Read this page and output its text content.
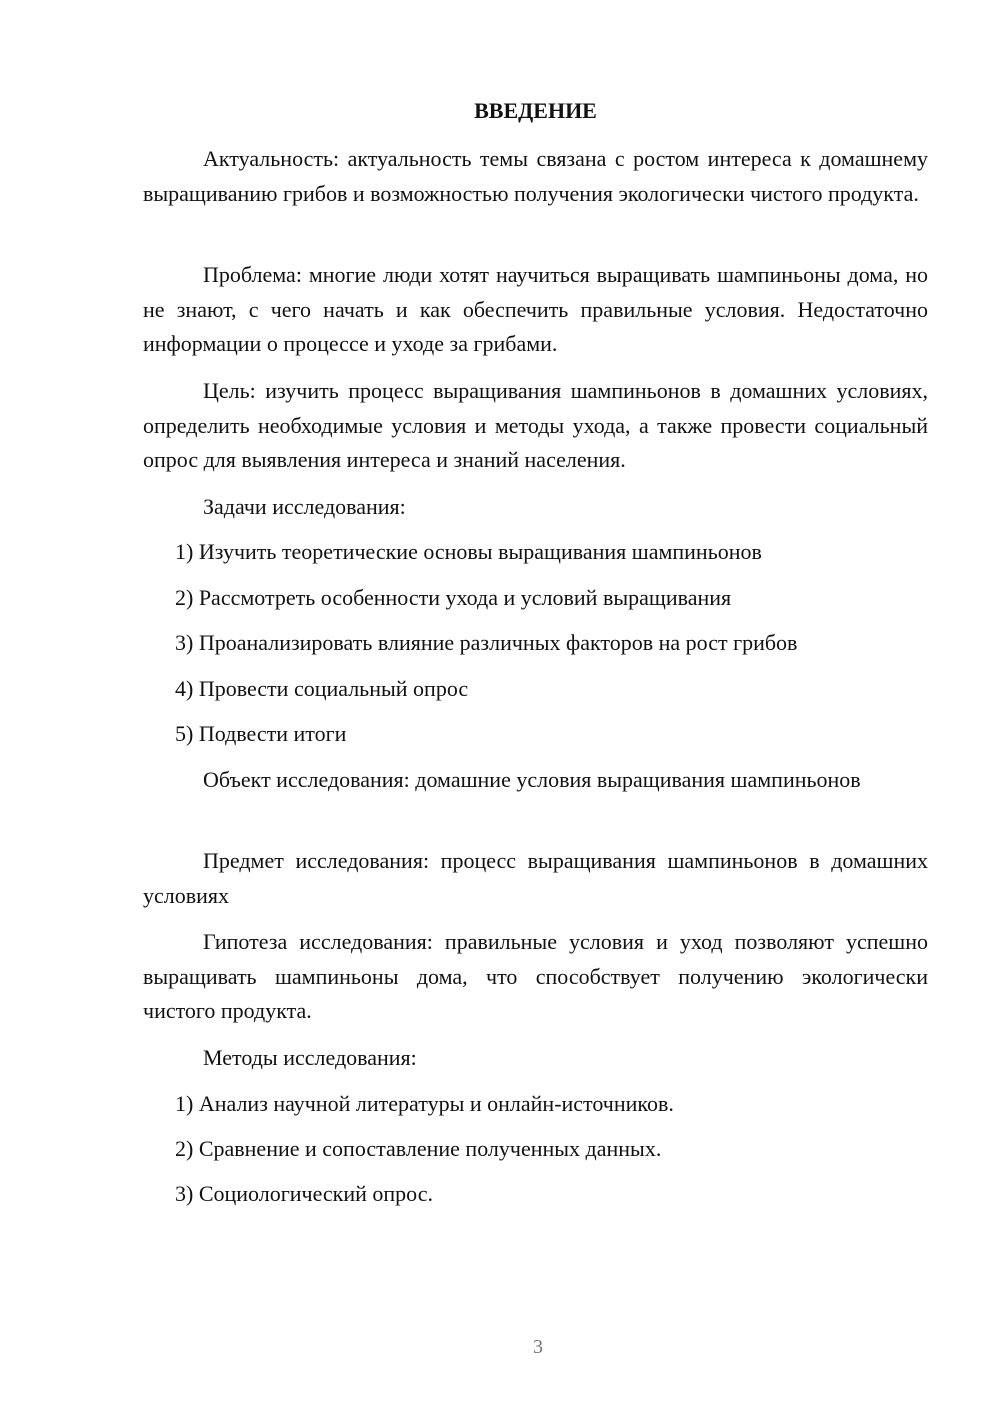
ВВЕДЕНИЕ

Актуальность: актуальность темы связана с ростом интереса к домашнему выращиванию грибов и возможностью получения экологически чистого продукта.

Проблема: многие люди хотят научиться выращивать шампиньоны дома, но не знают, с чего начать и как обеспечить правильные условия. Недостаточно информации о процессе и уходе за грибами.

Цель: изучить процесс выращивания шампиньонов в домашних условиях, определить необходимые условия и методы ухода, а также провести социальный опрос для выявления интереса и знаний населения.

Задачи исследования:

1) Изучить теоретические основы выращивания шампиньонов

2) Рассмотреть особенности ухода и условий выращивания

3) Проанализировать влияние различных факторов на рост грибов

4) Провести социальный опрос

5) Подвести итоги

Объект исследования: домашние условия выращивания шампиньонов

Предмет исследования: процесс выращивания шампиньонов в домашних условиях

Гипотеза исследования: правильные условия и уход позволяют успешно выращивать шампиньоны дома, что способствует получению экологически чистого продукта.

Методы исследования:

1) Анализ научной литературы и онлайн-источников.

2) Сравнение и сопоставление полученных данных.

3) Социологический опрос.

3
